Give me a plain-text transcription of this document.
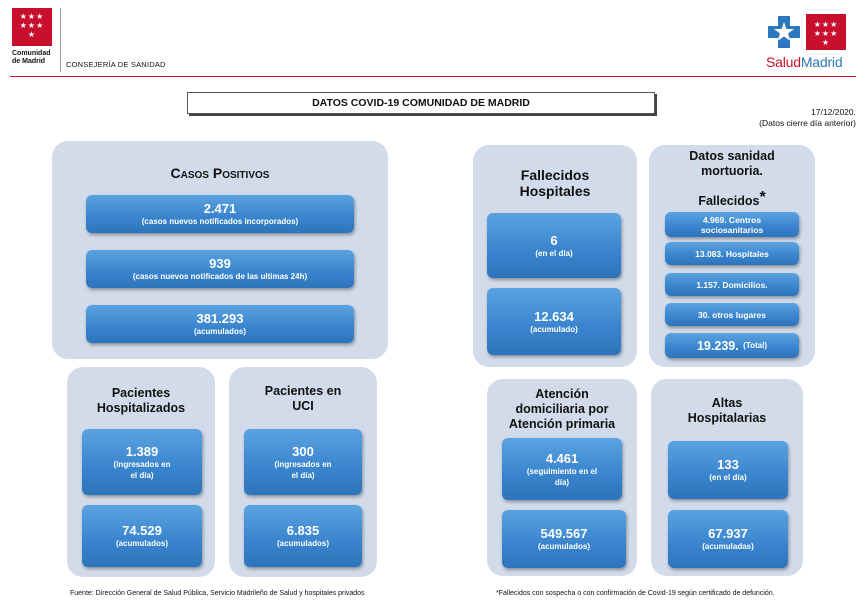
★★★
★★★
★
Comunidad
de Madrid	CONSEJERÍA DE SANIDAD
★★★
★★★
★
SaludMadrid
DATOS COVID-19 COMUNIDAD DE MADRID
17/12/2020.
(Datos cierre día anterior)
Casos Positivos
2.471
(casos nuevos notificados incorporados)
939
(casos nuevos notificados de las ultimas 24h)
381.293
(acumulados)
Pacientes
Hospitalizados
1.389
(ingresados en
el día)
74.529
(acumulados)
Pacientes en
UCI
300
(ingresados en
el día)
6.835
(acumulados)
Fallecidos
Hospitales
6
(en el día)
12.634
(acumulado)
Datos sanidad
mortuoria.
Fallecidos*
4.969. Centros
sociosanitarios
13.083. Hospitales
1.157. Domicilios.
30. otros lugares
19.239.
(Total)
Atención
domiciliaria por
Atención primaria
4.461
(seguimiento en el
día)
549.567
(acumulados)
Altas
Hospitalarias
133
(en el día)
67.937
(acumuladas)
Fuente: Dirección General de Salud Pública, Servicio Madrileño de Salud y hospitales privados	*Fallecidos con sospecha o con confirmación de Covid-19 según certificado de defunción.
